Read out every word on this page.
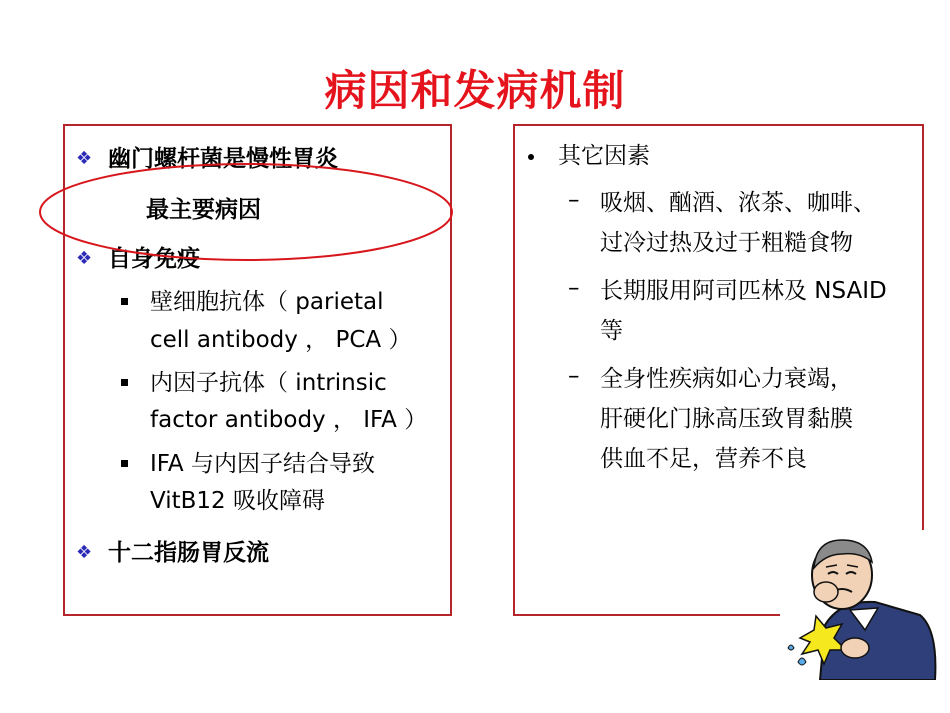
病因和发病机制
❖ 幽门螺杆菌是慢性胃炎
最主要病因
❖ 自身免疫
壁细胞抗体（ parietal
cell antibody ， PCA ）
内因子抗体（ intrinsic
factor antibody ， IFA ）
IFA 与内因子结合导致
VitB12 吸收障碍
❖ 十二指肠胃反流
其它因素
– 吸烟、酗酒、浓茶、咖啡、
过冷过热及过于粗糙食物
– 长期服用阿司匹林及 NSAID
等
– 全身性疾病如心力衰竭，
肝硬化门脉高压致胃黏膜
供血不足，营养不良
